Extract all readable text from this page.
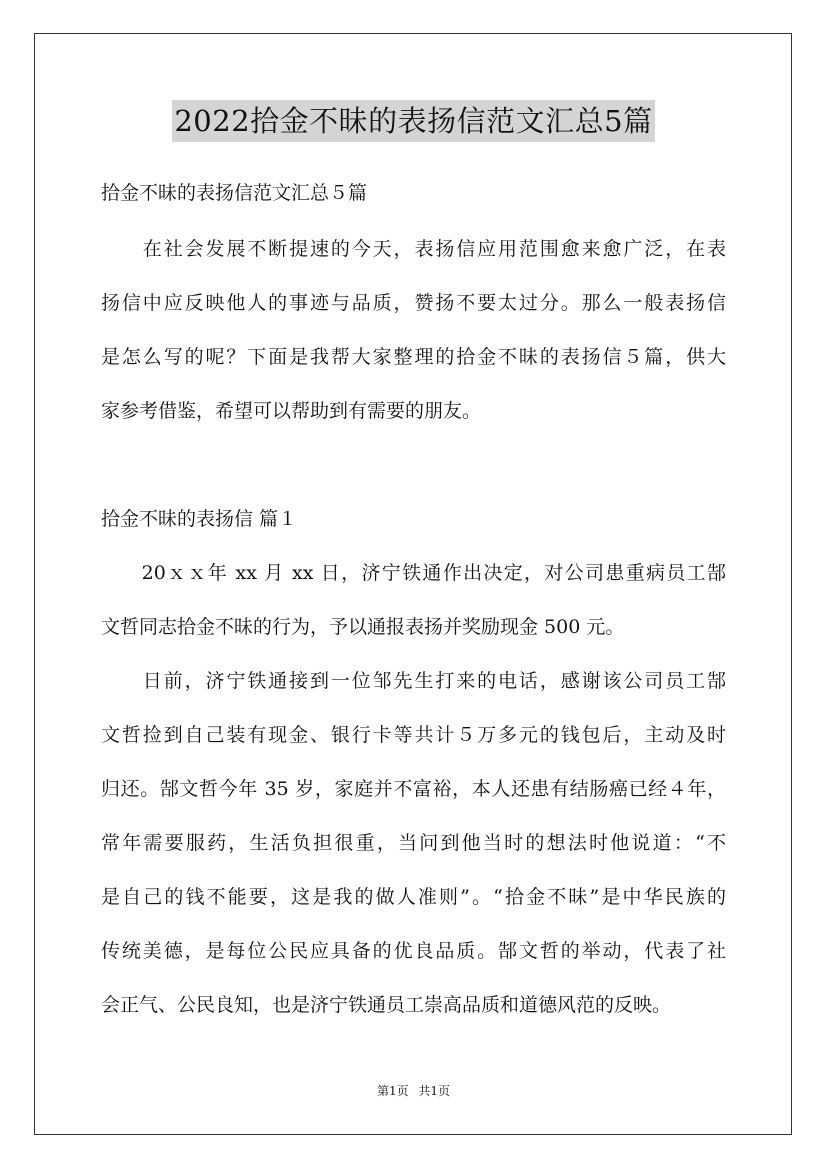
2022拾金不昧的表扬信范文汇总5篇
拾金不昧的表扬信范文汇总５篇
　　在社会发展不断提速的今天，表扬信应用范围愈来愈广泛，在表
扬信中应反映他人的事迹与品质，赞扬不要太过分。那么一般表扬信
是怎么写的呢？下面是我帮大家整理的拾金不昧的表扬信５篇，供大
家参考借鉴，希望可以帮助到有需要的朋友。
拾金不昧的表扬信 篇１
　　20ｘｘ年 xx 月 xx 日，济宁铁通作出决定，对公司患重病员工郜
文哲同志拾金不昧的行为，予以通报表扬并奖励现金 500 元。
　　日前，济宁铁通接到一位邹先生打来的电话，感谢该公司员工郜
文哲捡到自己装有现金、银行卡等共计５万多元的钱包后，主动及时
归还。郜文哲今年 35 岁，家庭并不富裕，本人还患有结肠癌已经４年，
常年需要服药，生活负担很重，当问到他当时的想法时他说道：“不
是自己的钱不能要，这是我的做人准则”。“拾金不昧”是中华民族的
传统美德，是每位公民应具备的优良品质。郜文哲的举动，代表了社
会正气、公民良知，也是济宁铁通员工崇高品质和道德风范的反映。
第1页 共1页
